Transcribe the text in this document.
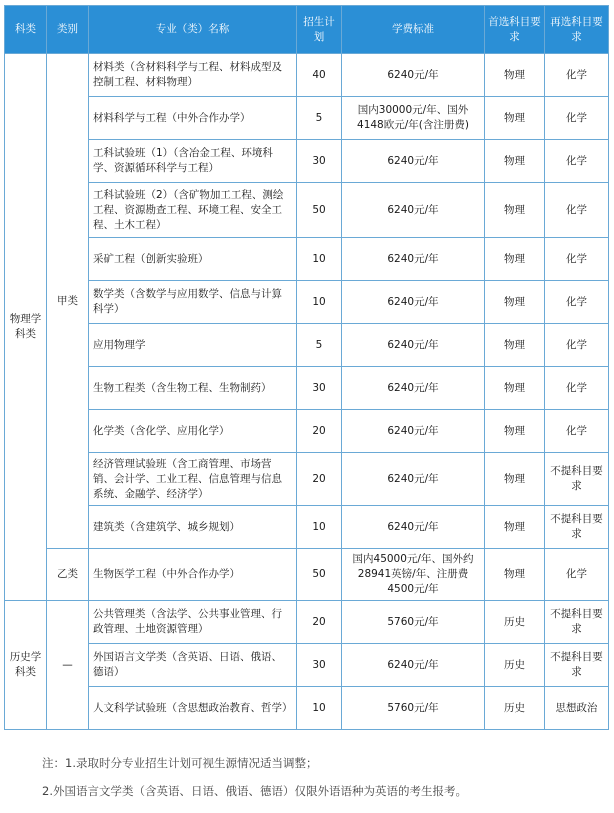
科类	类别	专业（类）名称	招生计划	学费标准	首选科目要求	再选科目要求
物理学科类	甲类	材料类（含材料科学与工程、材料成型及控制工程、材料物理）	40	6240元/年	物理	化学
		材料科学与工程（中外合作办学）	5	国内30000元/年、国外4148欧元/年(含注册费)	物理	化学
		工科试验班（1）（含冶金工程、环境科学、资源循环科学与工程）	30	6240元/年	物理	化学
		工科试验班（2）（含矿物加工工程、测绘工程、资源勘查工程、环境工程、安全工程、土木工程）	50	6240元/年	物理	化学
		采矿工程（创新实验班）	10	6240元/年	物理	化学
		数学类（含数学与应用数学、信息与计算科学）	10	6240元/年	物理	化学
		应用物理学	5	6240元/年	物理	化学
		生物工程类（含生物工程、生物制药）	30	6240元/年	物理	化学
		化学类（含化学、应用化学）	20	6240元/年	物理	化学
		经济管理试验班（含工商管理、市场营销、会计学、工业工程、信息管理与信息系统、金融学、经济学）	20	6240元/年	物理	不提科目要求
		建筑类（含建筑学、城乡规划）	10	6240元/年	物理	不提科目要求
	乙类	生物医学工程（中外合作办学）	50	国内45000元/年、国外约28941英镑/年、注册费4500元/年	物理	化学
历史学科类	—	公共管理类（含法学、公共事业管理、行政管理、土地资源管理）	20	5760元/年	历史	不提科目要求
		外国语言文学类（含英语、日语、俄语、德语）	30	6240元/年	历史	不提科目要求
		人文科学试验班（含思想政治教育、哲学）	10	5760元/年	历史	思想政治

注：1.录取时分专业招生计划可视生源情况适当调整；

2.外国语言文学类（含英语、日语、俄语、德语）仅限外语语种为英语的考生报考。
